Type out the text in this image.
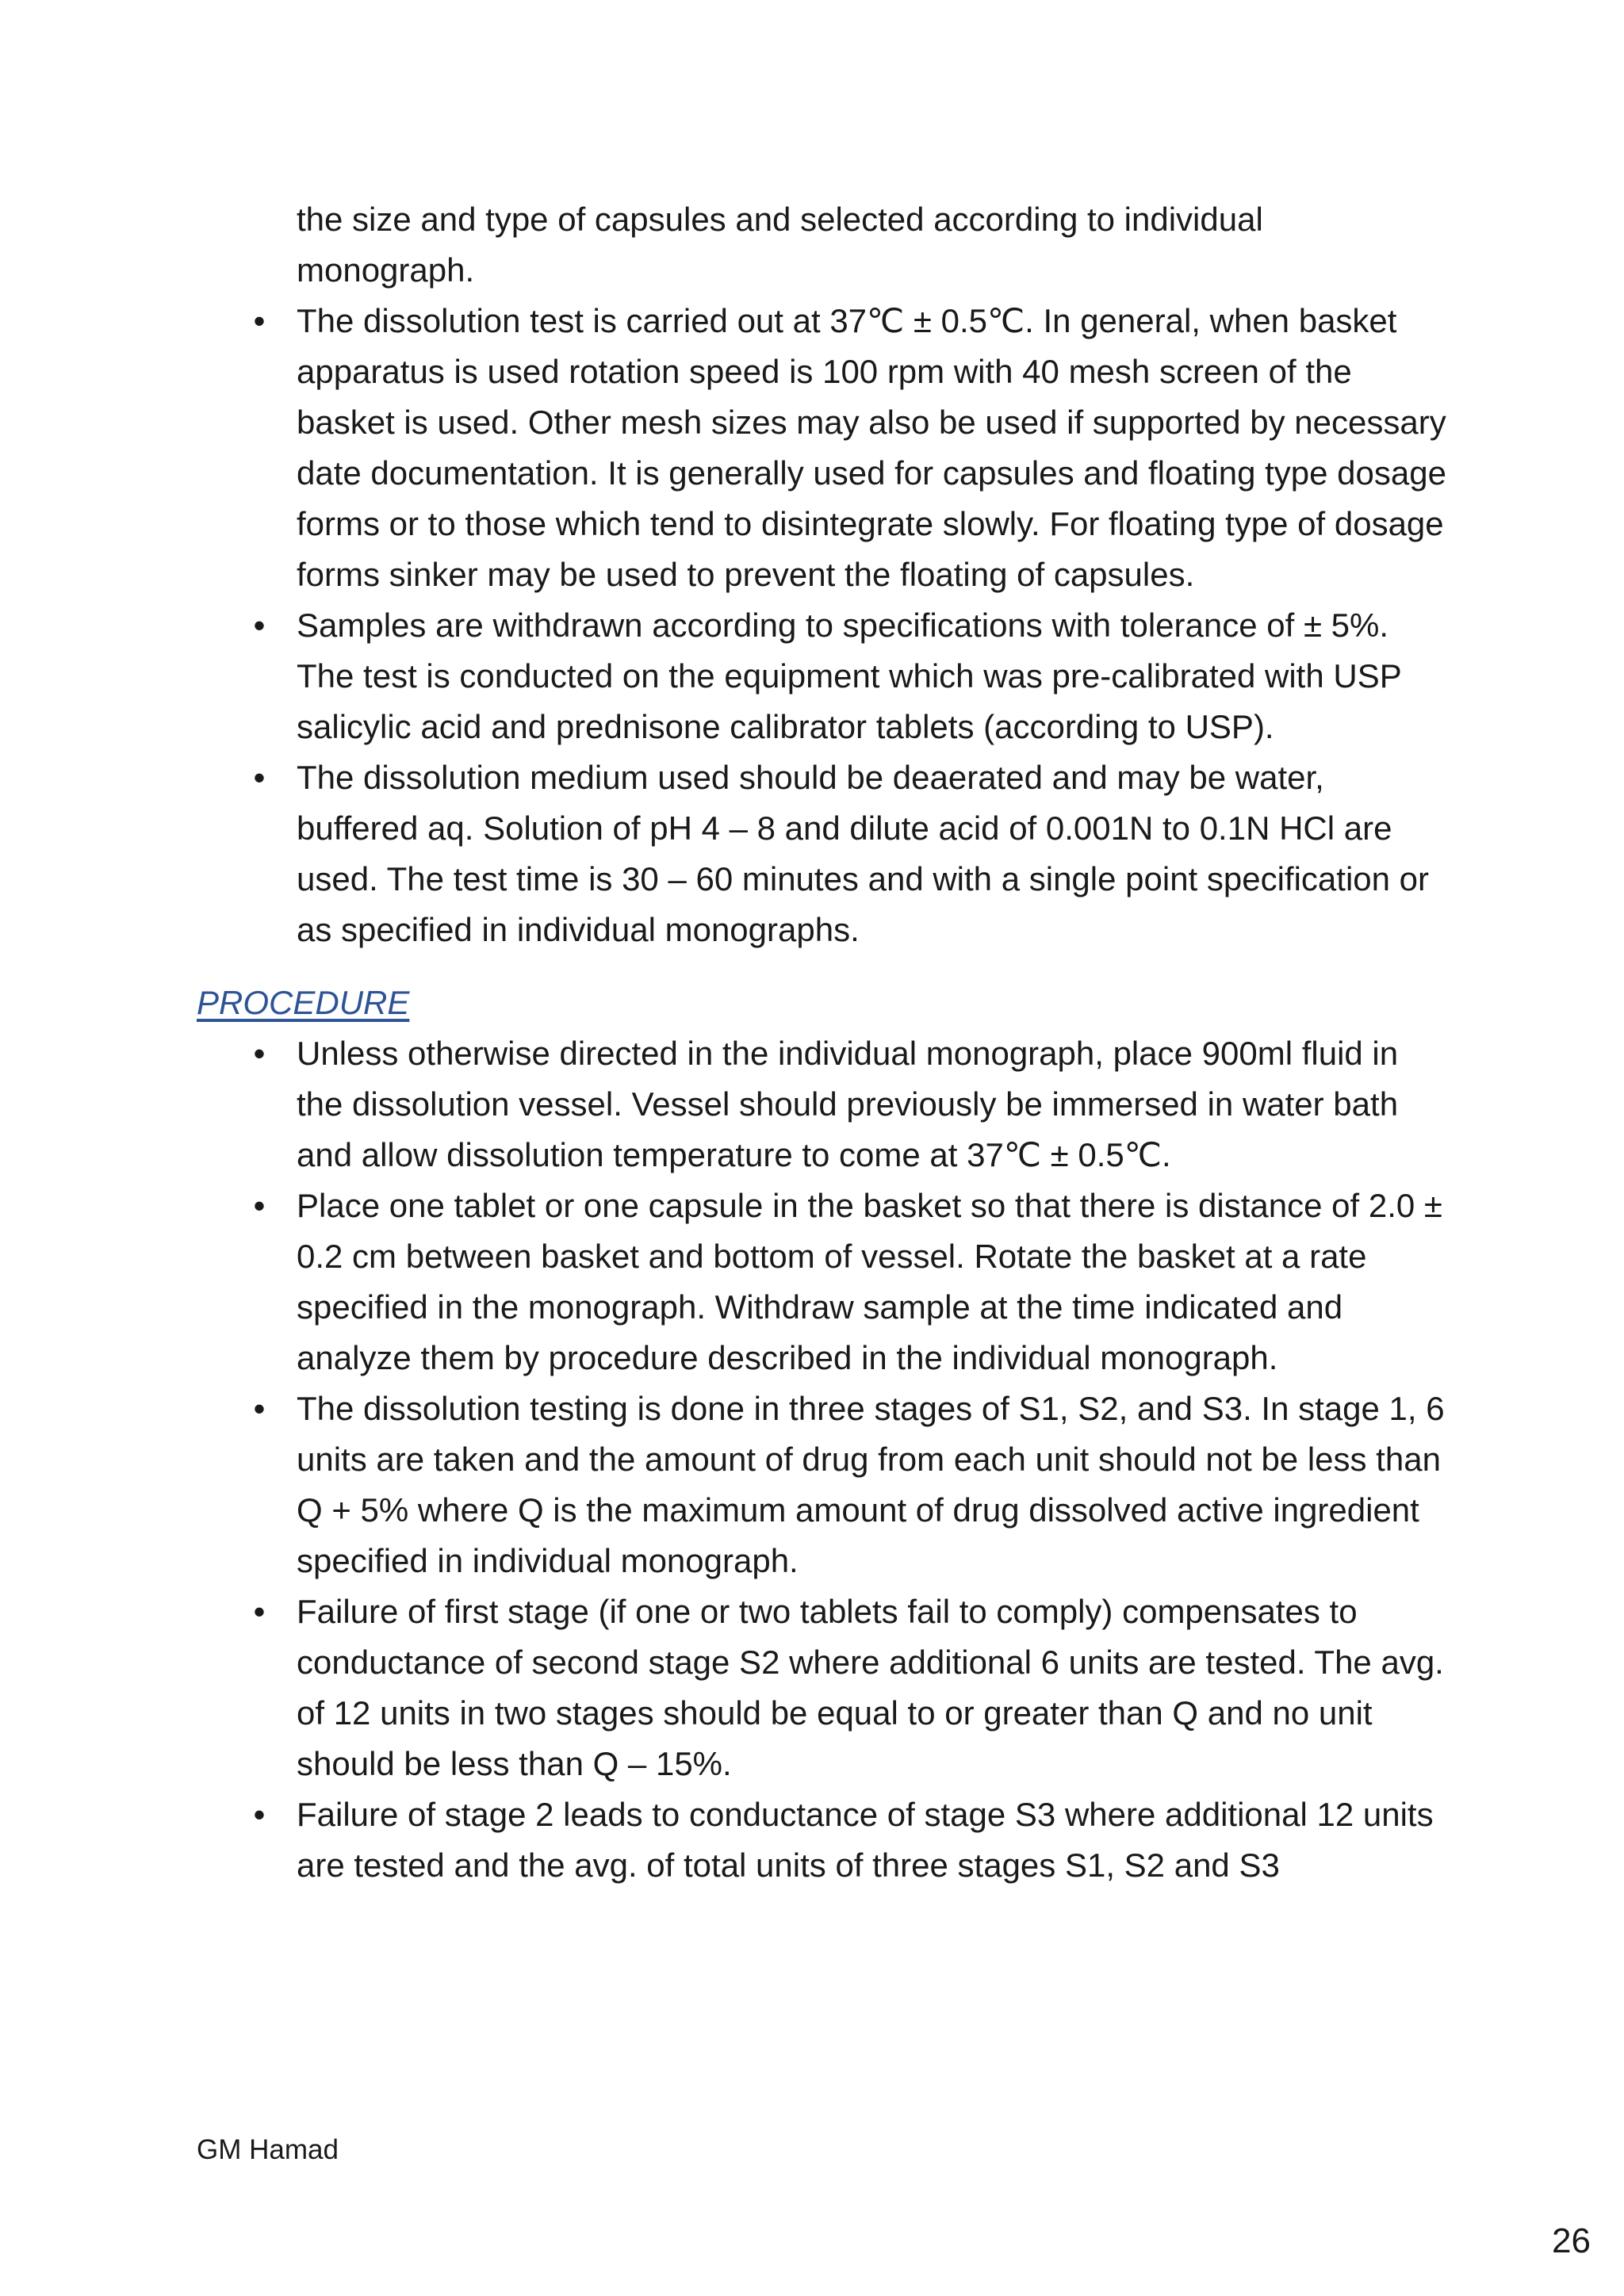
the size and type of capsules and selected according to individual monograph.

• The dissolution test is carried out at 37℃ ± 0.5℃. In general, when basket apparatus is used rotation speed is 100 rpm with 40 mesh screen of the basket is used. Other mesh sizes may also be used if supported by necessary date documentation. It is generally used for capsules and floating type dosage forms or to those which tend to disintegrate slowly. For floating type of dosage forms sinker may be used to prevent the floating of capsules.
• Samples are withdrawn according to specifications with tolerance of ± 5%. The test is conducted on the equipment which was pre-calibrated with USP salicylic acid and prednisone calibrator tablets (according to USP).
• The dissolution medium used should be deaerated and may be water, buffered aq. Solution of pH 4 – 8 and dilute acid of 0.001N to 0.1N HCl are used. The test time is 30 – 60 minutes and with a single point specification or as specified in individual monographs.

PROCEDURE

• Unless otherwise directed in the individual monograph, place 900ml fluid in the dissolution vessel. Vessel should previously be immersed in water bath and allow dissolution temperature to come at 37℃ ± 0.5℃.
• Place one tablet or one capsule in the basket so that there is distance of 2.0 ± 0.2 cm between basket and bottom of vessel. Rotate the basket at a rate specified in the monograph. Withdraw sample at the time indicated and analyze them by procedure described in the individual monograph.
• The dissolution testing is done in three stages of S1, S2, and S3. In stage 1, 6 units are taken and the amount of drug from each unit should not be less than Q + 5% where Q is the maximum amount of drug dissolved active ingredient specified in individual monograph.
• Failure of first stage (if one or two tablets fail to comply) compensates to conductance of second stage S2 where additional 6 units are tested. The avg. of 12 units in two stages should be equal to or greater than Q and no unit should be less than Q – 15%.
• Failure of stage 2 leads to conductance of stage S3 where additional 12 units are tested and the avg. of total units of three stages S1, S2 and S3
GM Hamad
26
